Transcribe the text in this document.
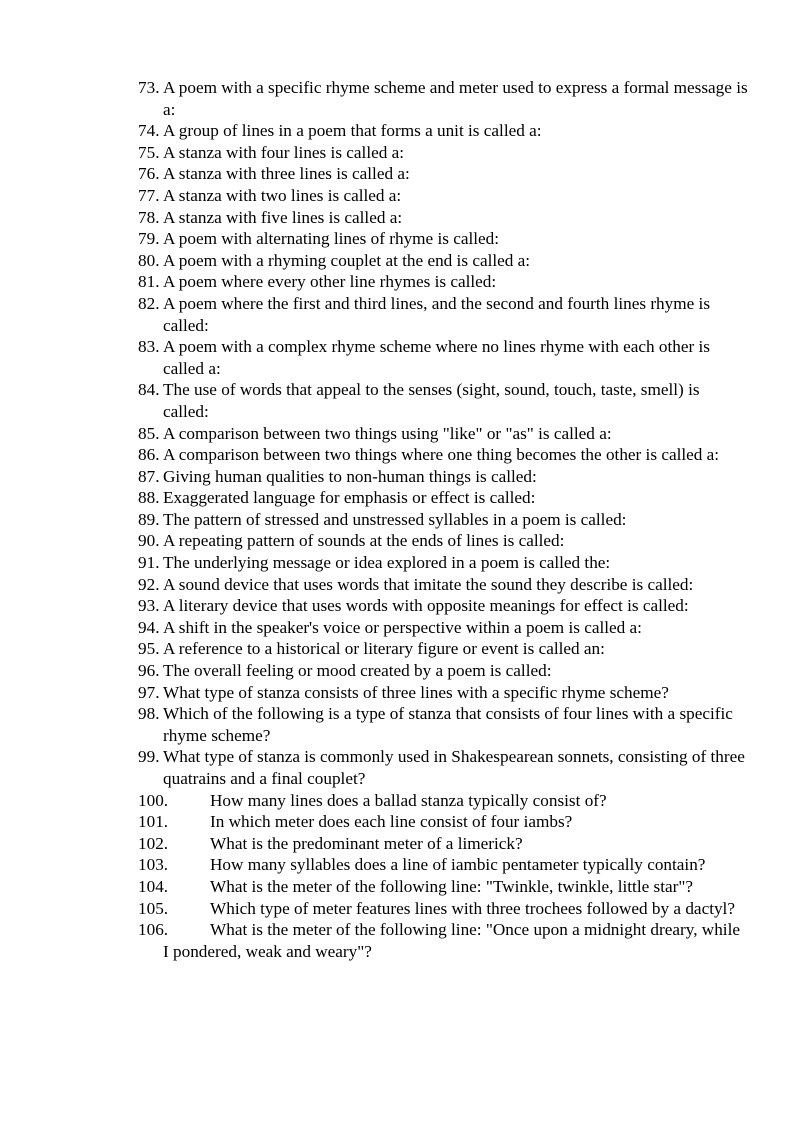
73. A poem with a specific rhyme scheme and meter used to express a formal message is a:
74. A group of lines in a poem that forms a unit is called a:
75. A stanza with four lines is called a:
76. A stanza with three lines is called a:
77. A stanza with two lines is called a:
78. A stanza with five lines is called a:
79. A poem with alternating lines of rhyme is called:
80. A poem with a rhyming couplet at the end is called a:
81. A poem where every other line rhymes is called:
82. A poem where the first and third lines, and the second and fourth lines rhyme is called:
83. A poem with a complex rhyme scheme where no lines rhyme with each other is called a:
84. The use of words that appeal to the senses (sight, sound, touch, taste, smell) is called:
85. A comparison between two things using "like" or "as" is called a:
86. A comparison between two things where one thing becomes the other is called a:
87. Giving human qualities to non-human things is called:
88. Exaggerated language for emphasis or effect is called:
89. The pattern of stressed and unstressed syllables in a poem is called:
90. A repeating pattern of sounds at the ends of lines is called:
91. The underlying message or idea explored in a poem is called the:
92. A sound device that uses words that imitate the sound they describe is called:
93. A literary device that uses words with opposite meanings for effect is called:
94. A shift in the speaker's voice or perspective within a poem is called a:
95. A reference to a historical or literary figure or event is called an:
96. The overall feeling or mood created by a poem is called:
97. What type of stanza consists of three lines with a specific rhyme scheme?
98. Which of the following is a type of stanza that consists of four lines with a specific rhyme scheme?
99. What type of stanza is commonly used in Shakespearean sonnets, consisting of three quatrains and a final couplet?
100. How many lines does a ballad stanza typically consist of?
101. In which meter does each line consist of four iambs?
102. What is the predominant meter of a limerick?
103. How many syllables does a line of iambic pentameter typically contain?
104. What is the meter of the following line: "Twinkle, twinkle, little star"?
105. Which type of meter features lines with three trochees followed by a dactyl?
106. What is the meter of the following line: "Once upon a midnight dreary, while I pondered, weak and weary"?
